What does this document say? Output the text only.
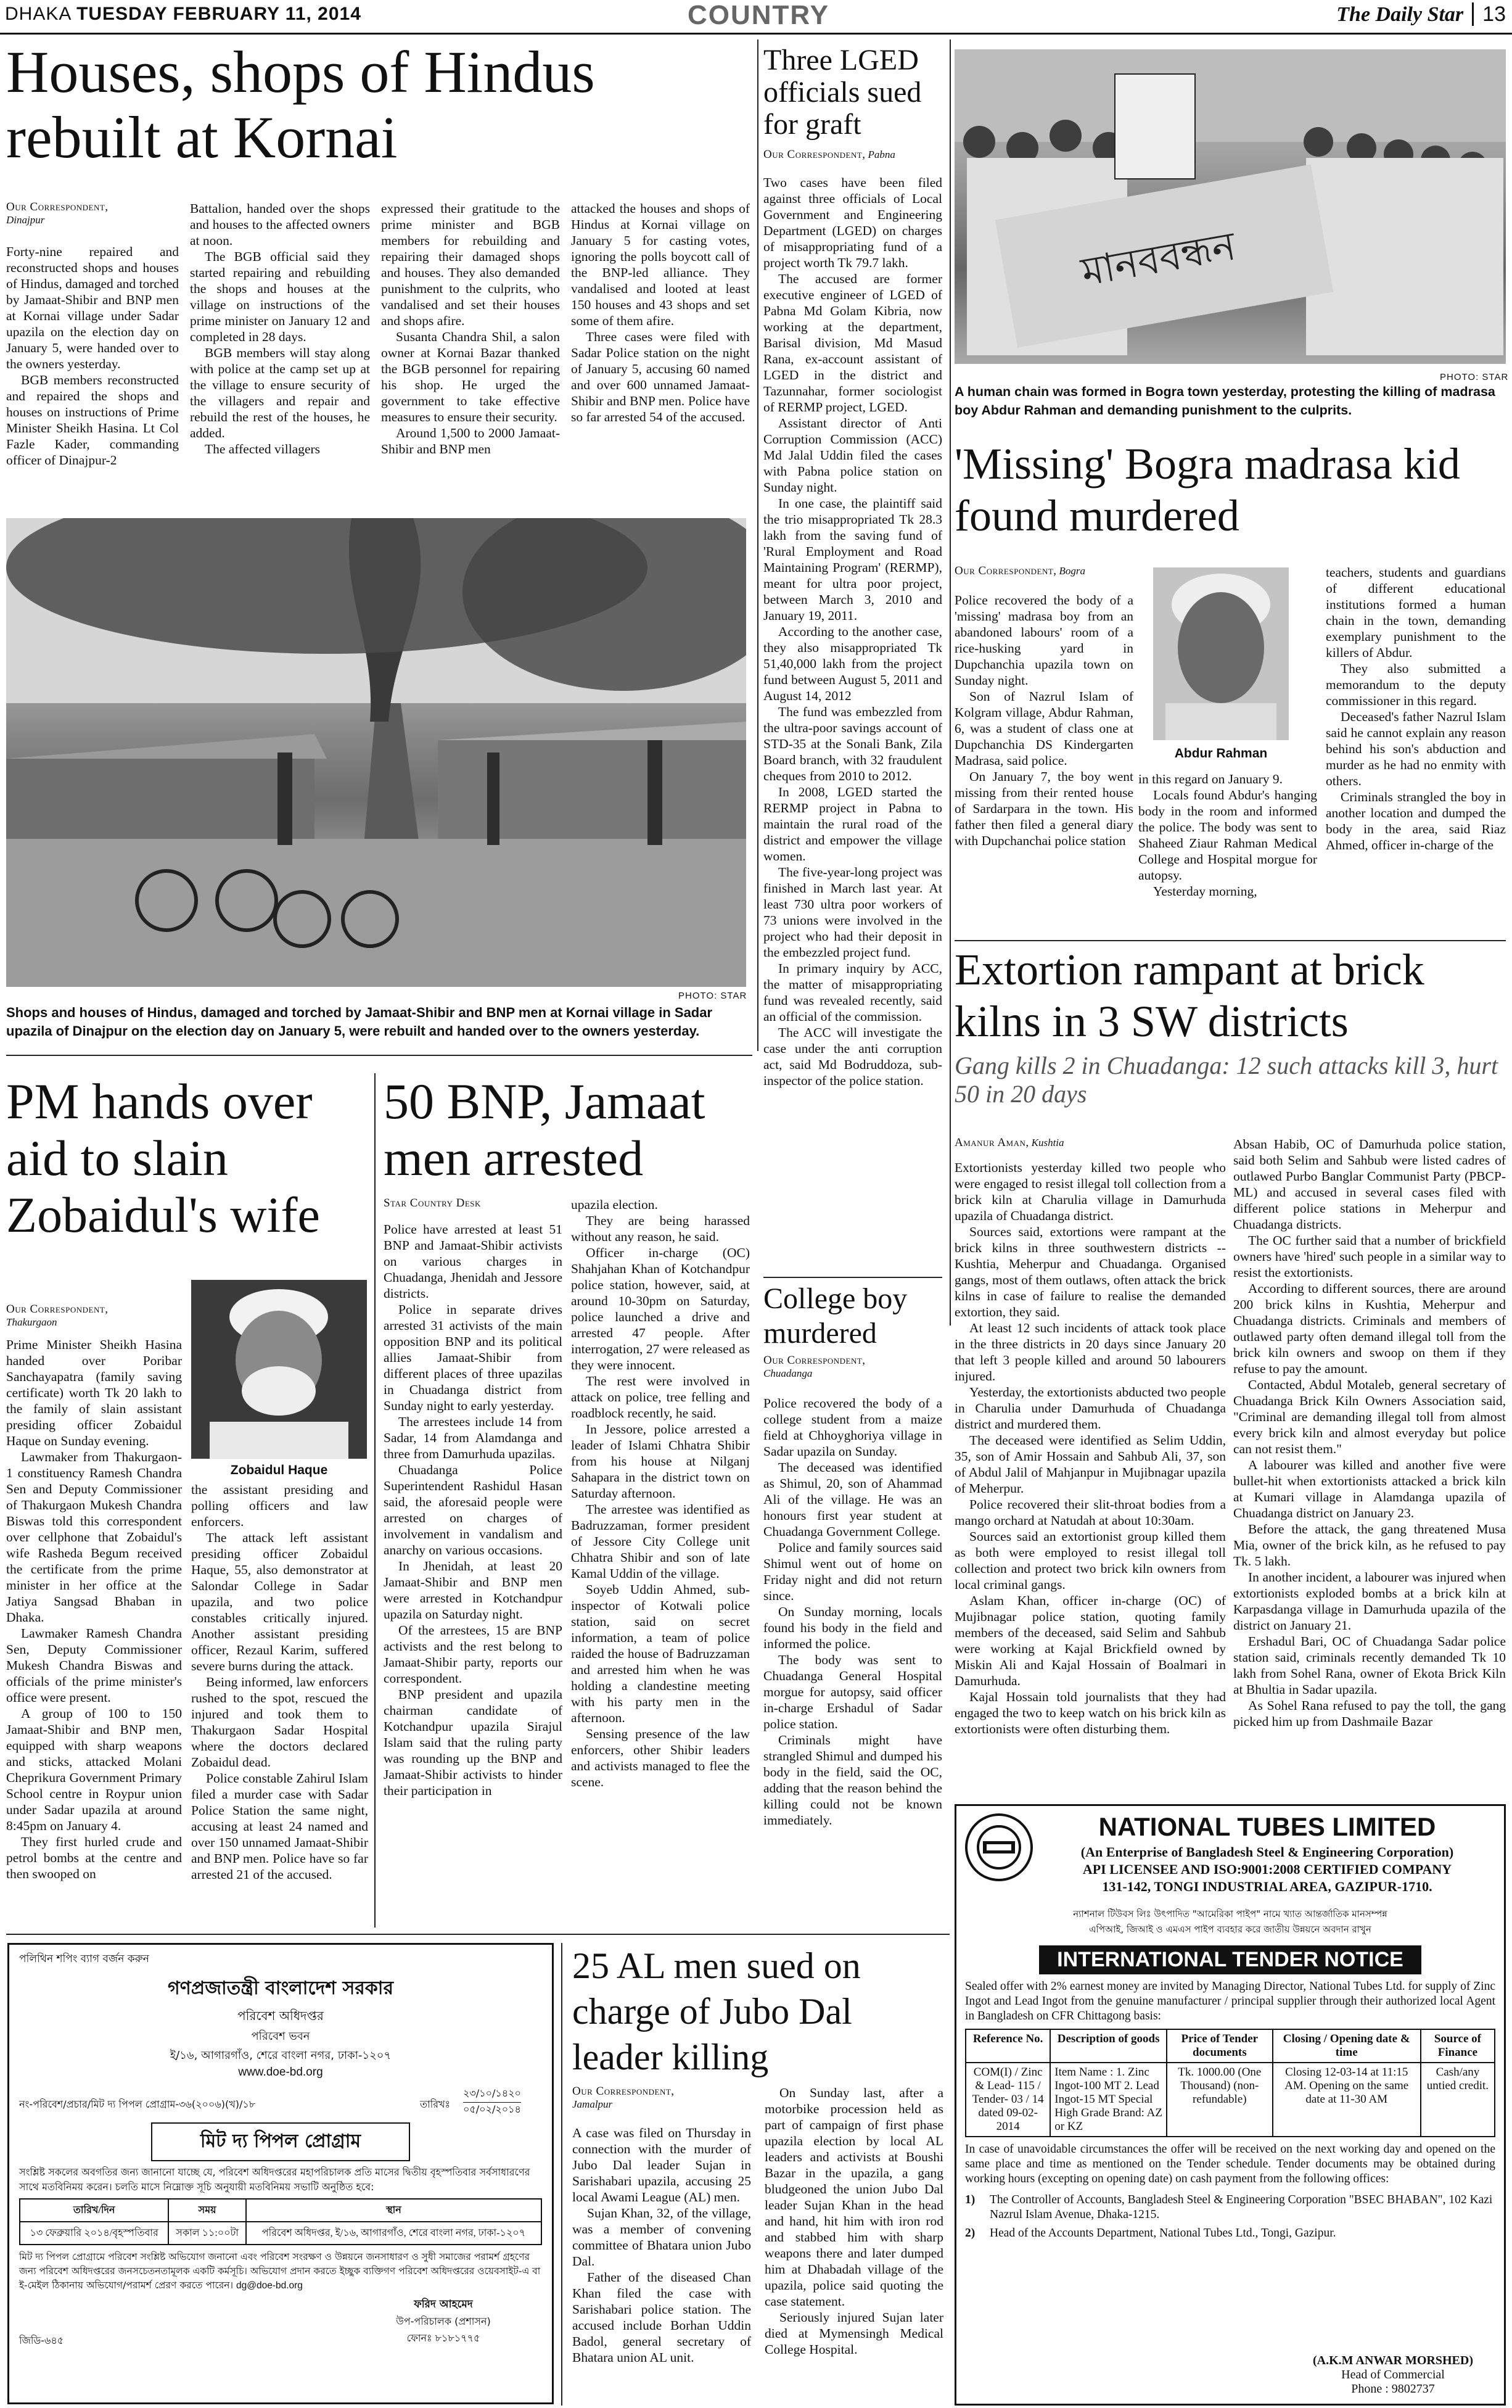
DHAKA TUESDAY FEBRUARY 11, 2014	COUNTRY	The Daily Star 13
Houses, shops of Hindus rebuilt at Kornai
Our Correspondent,
Dinajpur

Forty-nine repaired and reconstructed shops and houses of Hindus, damaged and torched by Jamaat-Shibir and BNP men at Kornai village under Sadar upazila on the election day on January 5, were handed over to the owners yesterday.

BGB members reconstructed and repaired the shops and houses on instructions of Prime Minister Sheikh Hasina. Lt Col Fazle Kader, commanding officer of Dinajpur-2

Battalion, handed over the shops and houses to the affected owners at noon.

The BGB official said they started repairing and rebuilding the shops and houses at the village on instructions of the prime minister on January 12 and completed in 28 days.

BGB members will stay along with police at the camp set up at the village to ensure security of the villagers and repair and rebuild the rest of the houses, he added.

The affected villagers

expressed their gratitude to the prime minister and BGB members for rebuilding and repairing their damaged shops and houses. They also demanded punishment to the culprits, who vandalised and set their houses and shops afire.

Susanta Chandra Shil, a salon owner at Kornai Bazar thanked the BGB personnel for repairing his shop. He urged the government to take effective measures to ensure their security.

Around 1,500 to 2000 Jamaat-Shibir and BNP men

attacked the houses and shops of Hindus at Kornai village on January 5 for casting votes, ignoring the polls boycott call of the BNP-led alliance. They vandalised and looted at least 150 houses and 43 shops and set some of them afire.

Three cases were filed with Sadar Police station on the night of January 5, accusing 60 named and over 600 unnamed Jamaat-Shibir and BNP men. Police have so far arrested 54 of the accused.

PHOTO: STAR
Shops and houses of Hindus, damaged and torched by Jamaat-Shibir and BNP men at Kornai village in Sadar upazila of Dinajpur on the election day on January 5, were rebuilt and handed over to the owners yesterday.
Three LGED officials sued for graft
Our Correspondent, Pabna

Two cases have been filed against three officials of Local Government and Engineering Department (LGED) on charges of misappropriating fund of a project worth Tk 79.7 lakh.

The accused are former executive engineer of LGED of Pabna Md Golam Kibria, now working at the department, Barisal division, Md Masud Rana, ex-account assistant of LGED in the district and Tazunnahar, former sociologist of RERMP project, LGED.

Assistant director of Anti Corruption Commission (ACC) Md Jalal Uddin filed the cases with Pabna police station on Sunday night.

In one case, the plaintiff said the trio misappropriated Tk 28.3 lakh from the saving fund of 'Rural Employment and Road Maintaining Program' (RERMP), meant for ultra poor project, between March 3, 2010 and January 19, 2011.

According to the another case, they also misappropriated Tk 51,40,000 lakh from the project fund between August 5, 2011 and August 14, 2012

The fund was embezzled from the ultra-poor savings account of STD-35 at the Sonali Bank, Zila Board branch, with 32 fraudulent cheques from 2010 to 2012.

In 2008, LGED started the RERMP project in Pabna to maintain the rural road of the district and empower the village women.

The five-year-long project was finished in March last year. At least 730 ultra poor workers of 73 unions were involved in the project who had their deposit in the embezzled project fund.

In primary inquiry by ACC, the matter of misappropriating fund was revealed recently, said an official of the commission.

The ACC will investigate the case under the anti corruption act, said Md Bodruddoza, sub-inspector of the police station.

মানববন্ধন
PHOTO: STAR
A human chain was formed in Bogra town yesterday, protesting the killing of madrasa boy Abdur Rahman and demanding punishment to the culprits.
'Missing' Bogra madrasa kid found murdered
Our Correspondent, Bogra

Police recovered the body of a 'missing' madrasa boy from an abandoned labours' room of a rice-husking yard in Dupchanchia upazila town on Sunday night.

Son of Nazrul Islam of Kolgram village, Abdur Rahman, 6, was a student of class one at Dupchanchia DS Kindergarten Madrasa, said police.

On January 7, the boy went missing from their rented house of Sardarpara in the town. His father then filed a general diary with Dupchanchai police station

Abdur Rahman

in this regard on January 9.

Locals found Abdur's hanging body in the room and informed the police. The body was sent to Shaheed Ziaur Rahman Medical College and Hospital morgue for autopsy.

Yesterday morning,

teachers, students and guardians of different educational institutions formed a human chain in the town, demanding exemplary punishment to the killers of Abdur.

They also submitted a memorandum to the deputy commissioner in this regard.

Deceased's father Nazrul Islam said he cannot explain any reason behind his son's abduction and murder as he had no enmity with others.

Criminals strangled the boy in another location and dumped the body in the area, said Riaz Ahmed, officer in-charge of the

Extortion rampant at brick kilns in 3 SW districts
Gang kills 2 in Chuadanga: 12 such attacks kill 3, hurt 50 in 20 days
Amanur Aman, Kushtia

Extortionists yesterday killed two people who were engaged to resist illegal toll collection from a brick kiln at Charulia village in Damurhuda upazila of Chuadanga district.

Sources said, extortions were rampant at the brick kilns in three southwestern districts -- Kushtia, Meherpur and Chuadanga. Organised gangs, most of them outlaws, often attack the brick kilns in case of failure to realise the demanded extortion, they said.

At least 12 such incidents of attack took place in the three districts in 20 days since January 20 that left 3 people killed and around 50 labourers injured.

Yesterday, the extortionists abducted two people in Charulia under Damurhuda of Chuadanga district and murdered them.

The deceased were identified as Selim Uddin, 35, son of Amir Hossain and Sahbub Ali, 37, son of Abdul Jalil of Mahjanpur in Mujibnagar upazila of Meherpur.

Police recovered their slit-throat bodies from a mango orchard at Natudah at about 10:30am.

Sources said an extortionist group killed them as both were employed to resist illegal toll collection and protect two brick kiln owners from local criminal gangs.

Aslam Khan, officer in-charge (OC) of Mujibnagar police station, quoting family members of the deceased, said Selim and Sahbub were working at Kajal Brickfield owned by Miskin Ali and Kajal Hossain of Boalmari in Damurhuda.

Kajal Hossain told journalists that they had engaged the two to keep watch on his brick kiln as extortionists were often disturbing them.

Absan Habib, OC of Damurhuda police station, said both Selim and Sahbub were listed cadres of outlawed Purbo Banglar Communist Party (PBCP-ML) and accused in several cases filed with different police stations in Meherpur and Chuadanga districts.

The OC further said that a number of brickfield owners have 'hired' such people in a similar way to resist the extortionists.

According to different sources, there are around 200 brick kilns in Kushtia, Meherpur and Chuadanga districts. Criminals and members of outlawed party often demand illegal toll from the brick kiln owners and swoop on them if they refuse to pay the amount.

Contacted, Abdul Motaleb, general secretary of Chuadanga Brick Kiln Owners Association said, "Criminal are demanding illegal toll from almost every brick kiln and almost everyday but police can not resist them."

A labourer was killed and another five were bullet-hit when extortionists attacked a brick kiln at Kumari village in Alamdanga upazila of Chuadanga district on January 23.

Before the attack, the gang threatened Musa Mia, owner of the brick kiln, as he refused to pay Tk. 5 lakh.

In another incident, a labourer was injured when extortionists exploded bombs at a brick kiln at Karpasdanga village in Damurhuda upazila of the district on January 21.

Ershadul Bari, OC of Chuadanga Sadar police station said, criminals recently demanded Tk 10 lakh from Sohel Rana, owner of Ekota Brick Kiln at Bhultia in Sadar upazila.

As Sohel Rana refused to pay the toll, the gang picked him up from Dashmaile Bazar

PM hands over aid to slain Zobaidul's wife
Our Correspondent,
Thakurgaon

Prime Minister Sheikh Hasina handed over Poribar Sanchayapatra (family saving certificate) worth Tk 20 lakh to the family of slain assistant presiding officer Zobaidul Haque on Sunday evening.

Lawmaker from Thakurgaon-1 constituency Ramesh Chandra Sen and Deputy Commissioner of Thakurgaon Mukesh Chandra Biswas told this correspondent over cellphone that Zobaidul's wife Rasheda Begum received the certificate from the prime minister in her office at the Jatiya Sangsad Bhaban in Dhaka.

Lawmaker Ramesh Chandra Sen, Deputy Commissioner Mukesh Chandra Biswas and officials of the prime minister's office were present.

A group of 100 to 150 Jamaat-Shibir and BNP men, equipped with sharp weapons and sticks, attacked Molani Cheprikura Government Primary School centre in Roypur union under Sadar upazila at around 8:45pm on January 4.

They first hurled crude and petrol bombs at the centre and then swooped on

Zobaidul Haque

the assistant presiding and polling officers and law enforcers.

The attack left assistant presiding officer Zobaidul Haque, 55, also demonstrator at Salondar College in Sadar upazila, and two police constables critically injured. Another assistant presiding officer, Rezaul Karim, suffered severe burns during the attack.

Being informed, law enforcers rushed to the spot, rescued the injured and took them to Thakurgaon Sadar Hospital where the doctors declared Zobaidul dead.

Police constable Zahirul Islam filed a murder case with Sadar Police Station the same night, accusing at least 24 named and over 150 unnamed Jamaat-Shibir and BNP men. Police have so far arrested 21 of the accused.

50 BNP, Jamaat men arrested
Star Country Desk

Police have arrested at least 51 BNP and Jamaat-Shibir activists on various charges in Chuadanga, Jhenidah and Jessore districts.

Police in separate drives arrested 31 activists of the main opposition BNP and its political allies Jamaat-Shibir from different places of three upazilas in Chuadanga district from Sunday night to early yesterday.

The arrestees include 14 from Sadar, 14 from Alamdanga and three from Damurhuda upazilas.

Chuadanga Police Superintendent Rashidul Hasan said, the aforesaid people were arrested on charges of involvement in vandalism and anarchy on various occasions.

In Jhenidah, at least 20 Jamaat-Shibir and BNP men were arrested in Kotchandpur upazila on Saturday night.

Of the arrestees, 15 are BNP activists and the rest belong to Jamaat-Shibir party, reports our correspondent.

BNP president and upazila chairman candidate of Kotchandpur upazila Sirajul Islam said that the ruling party was rounding up the BNP and Jamaat-Shibir activists to hinder their participation in

upazila election.

They are being harassed without any reason, he said.

Officer in-charge (OC) Shahjahan Khan of Kotchandpur police station, however, said, at around 10-30pm on Saturday, police launched a drive and arrested 47 people. After interrogation, 27 were released as they were innocent.

The rest were involved in attack on police, tree felling and roadblock recently, he said.

In Jessore, police arrested a leader of Islami Chhatra Shibir from his house at Nilganj Sahapara in the district town on Saturday afternoon.

The arrestee was identified as Badruzzaman, former president of Jessore City College unit Chhatra Shibir and son of late Kamal Uddin of the village.

Soyeb Uddin Ahmed, sub-inspector of Kotwali police station, said on secret information, a team of police raided the house of Badruzzaman and arrested him when he was holding a clandestine meeting with his party men in the afternoon.

Sensing presence of the law enforcers, other Shibir leaders and activists managed to flee the scene.

College boy murdered
Our Correspondent,
Chuadanga

Police recovered the body of a college student from a maize field at Chhoyghoriya village in Sadar upazila on Sunday.

The deceased was identified as Shimul, 20, son of Ahammad Ali of the village. He was an honours first year student at Chuadanga Government College.

Police and family sources said Shimul went out of home on Friday night and did not return since.

On Sunday morning, locals found his body in the field and informed the police.

The body was sent to Chuadanga General Hospital morgue for autopsy, said officer in-charge Ershadul of Sadar police station.

Criminals might have strangled Shimul and dumped his body in the field, said the OC, adding that the reason behind the killing could not be known immediately.

25 AL men sued on charge of Jubo Dal leader killing
Our Correspondent,
Jamalpur

A case was filed on Thursday in connection with the murder of Jubo Dal leader Sujan in Sarishabari upazila, accusing 25 local Awami League (AL) men.

Sujan Khan, 32, of the village, was a member of convening committee of Bhatara union Jubo Dal.

Father of the diseased Chan Khan filed the case with Sarishabari police station. The accused include Borhan Uddin Badol, general secretary of Bhatara union AL unit.

On Sunday last, after a motorbike procession held as part of campaign of first phase upazila election by local AL leaders and activists at Boushi Bazar in the upazila, a gang bludgeoned the union Jubo Dal leader Sujan Khan in the head and hand, hit him with iron rod and stabbed him with sharp weapons there and later dumped him at Dhabadah village of the upazila, police said quoting the case statement.

Seriously injured Sujan later died at Mymensingh Medical College Hospital.

পলিথিন শপিং ব্যাগ বর্জন করুন
গণপ্রজাতন্ত্রী বাংলাদেশ সরকার
পরিবেশ অধিদপ্তর
পরিবেশ ভবন
ই/১৬, আগারগাঁও, শেরে বাংলা নগর, ঢাকা-১২০৭
www.doe-bd.org
নং-পরিবেশ/প্রচার/মিট দ্য পিপল প্রোগ্রাম-৩৬(২০০৬)(খ)/১৮	তারিখঃ
২৩/১০/১৪২০
০৫/০২/২০১৪
মিট দ্য পিপল প্রোগ্রাম
সংশ্লিষ্ট সকলের অবগতির জন্য জানানো যাচ্ছে যে, পরিবেশ অধিদপ্তরের মহাপরিচালক প্রতি মাসের দ্বিতীয় বৃহস্পতিবার সর্বসাধারণের সাথে মতবিনিময় করেন। চলতি মাসে নিম্নোক্ত সূচি অনুযায়ী মতবিনিময় সভাটি অনুষ্ঠিত হবে:
তারিখ/দিন	সময়	স্থান
১৩ ফেব্রুয়ারি ২০১৪/বৃহস্পতিবার	সকাল ১১:০০টা	পরিবেশ অধিদপ্তর, ই/১৬, আগারগাঁও, শেরে বাংলা নগর, ঢাকা-১২০৭
মিট দ্য পিপল প্রোগ্রামে পরিবেশ সংশ্লিষ্ট অভিযোগ জনানো এবং পরিবেশ সংরক্ষণ ও উন্নয়নে জনসাধারণ ও সুধী সমাজের পরামর্শ গ্রহণের জন্য পরিবেশ অধিদপ্তরের জনসচেতনতামূলক একটি কর্মসূচি। অভিযোগ প্রদান করতে ইচ্ছুক ব্যক্তিগণ পরিবেশ অধিদপ্তরের ওয়েবসাইট-এ বা ই-মেইল ঠিকানায় অভিযোগ/পরামর্শ প্রেরণ করতে পারেন। dg@doe-bd.org
জিডি-৬৪৫
ফরিদ আহমেদ
উপ-পরিচালক (প্রশাসন)
ফোনঃ ৮১৮১৭৭৫
NATIONAL TUBES LIMITED
(An Enterprise of Bangladesh Steel & Engineering Corporation)
API LICENSEE AND ISO:9001:2008 CERTIFIED COMPANY
131-142, TONGI INDUSTRIAL AREA, GAZIPUR-1710.
ন্যাশনাল টিউবস লিঃ উৎপাদিত "আমেরিকা পাইপ" নামে খ্যাত আন্তর্জাতিক মানসম্পন্ন
এপিআই, জিআই ও এমএস পাইপ ব্যবহার করে জাতীয় উন্নয়নে অবদান রাখুন
INTERNATIONAL TENDER NOTICE
Sealed offer with 2% earnest money are invited by Managing Director, National Tubes Ltd. for supply of Zinc Ingot and Lead Ingot from the genuine manufacturer / principal supplier through their authorized local Agent in Bangladesh on CFR Chittagong basis:
Reference No.	Description of goods	Price of Tender documents	Closing / Opening date & time	Source of Finance
COM(I) / Zinc & Lead- 115 / Tender- 03 / 14 dated 09-02-2014	Item Name : 1. Zinc Ingot-100 MT 2. Lead Ingot-15 MT Special High Grade Brand: AZ or KZ	Tk. 1000.00 (One Thousand) (non-refundable)	Closing 12-03-14 at 11:15 AM. Opening on the same date at 11-30 AM	Cash/any untied credit.
In case of unavoidable circumstances the offer will be received on the next working day and opened on the same place and time as mentioned on the Tender schedule. Tender documents may be obtained during working hours (excepting on opening date) on cash payment from the following offices:
1)	The Controller of Accounts, Bangladesh Steel & Engineering Corporation "BSEC BHABAN", 102 Kazi Nazrul Islam Avenue, Dhaka-1215.
2)	Head of the Accounts Department, National Tubes Ltd., Tongi, Gazipur.
(A.K.M ANWAR MORSHED)
Head of Commercial
Phone : 9802737
